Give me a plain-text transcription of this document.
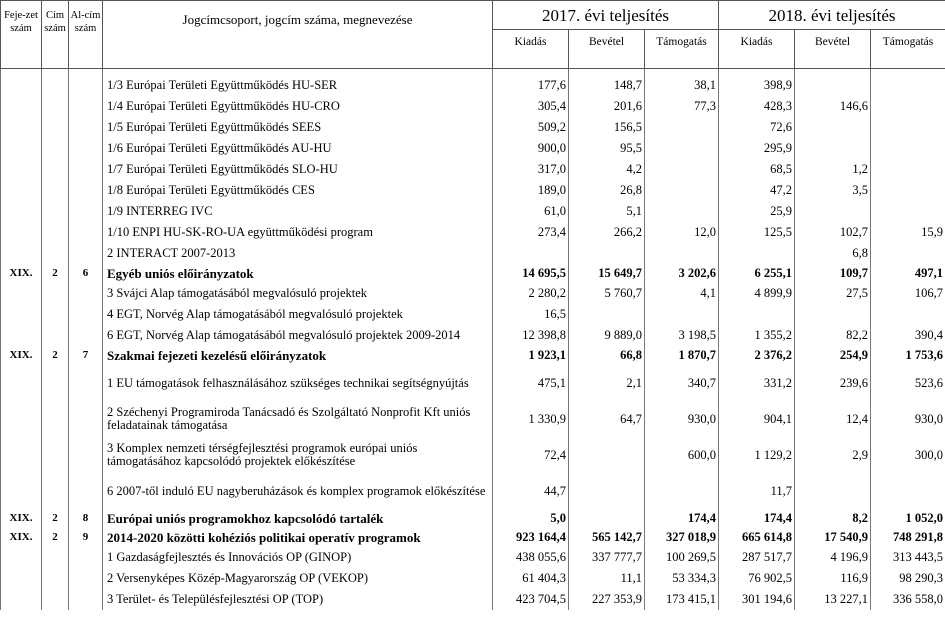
Feje-zet szám	Cím szám	Al-cím szám	Jogcímcsoport, jogcím száma, megnevezése	2017. évi teljesítés			2018. évi teljesítés		
				Kiadás	Bevétel	Támogatás	Kiadás	Bevétel	Támogatás

			1/3 Európai Területi Együttműködés HU-SER	177,6	148,7	38,1	398,9		
			1/4 Európai Területi Együttműködés HU-CRO	305,4	201,6	77,3	428,3	146,6	
			1/5 Európai Területi Együttműködés SEES	509,2	156,5		72,6		
			1/6 Európai Területi Együttműködés AU-HU	900,0	95,5		295,9		
			1/7 Európai Területi Együttműködés SLO-HU	317,0	4,2		68,5	1,2	
			1/8 Európai Területi Együttműködés CES	189,0	26,8		47,2	3,5	
			1/9 INTERREG IVC	61,0	5,1		25,9		
			1/10 ENPI HU-SK-RO-UA együttműködési program	273,4	266,2	12,0	125,5	102,7	15,9
			2 INTERACT 2007-2013					6,8	
XIX.	2	6	Egyéb uniós előirányzatok	14 695,5	15 649,7	3 202,6	6 255,1	109,7	497,1
			3 Svájci Alap támogatásából megvalósuló projektek	2 280,2	5 760,7	4,1	4 899,9	27,5	106,7
			4 EGT, Norvég Alap támogatásából megvalósuló projektek	16,5					
			6 EGT, Norvég Alap támogatásából megvalósuló projektek 2009-2014	12 398,8	9 889,0	3 198,5	1 355,2	82,2	390,4
XIX.	2	7	Szakmai fejezeti kezelésű előirányzatok	1 923,1	66,8	1 870,7	2 376,2	254,9	1 753,6
			1 EU támogatások felhasználásához szükséges technikai segítségnyújtás	475,1	2,1	340,7	331,2	239,6	523,6
			2 Széchenyi Programiroda Tanácsadó és Szolgáltató Nonprofit Kft uniós feladatainak támogatása	1 330,9	64,7	930,0	904,1	12,4	930,0
			3 Komplex nemzeti térségfejlesztési programok európai uniós támogatásához kapcsolódó projektek előkészítése	72,4		600,0	1 129,2	2,9	300,0
			6 2007-től induló EU nagyberuházások és komplex programok előkészítése	44,7			11,7		
XIX.	2	8	Európai uniós programokhoz kapcsolódó tartalék	5,0		174,4	174,4	8,2	1 052,0
XIX.	2	9	2014-2020 közötti kohéziós politikai operatív programok	923 164,4	565 142,7	327 018,9	665 614,8	17 540,9	748 291,8
			1 Gazdaságfejlesztés és Innovációs OP (GINOP)	438 055,6	337 777,7	100 269,5	287 517,7	4 196,9	313 443,5
			2 Versenyképes Közép-Magyarország OP (VEKOP)	61 404,3	11,1	53 334,3	76 902,5	116,9	98 290,3
			3 Terület- és Településfejlesztési OP (TOP)	423 704,5	227 353,9	173 415,1	301 194,6	13 227,1	336 558,0
